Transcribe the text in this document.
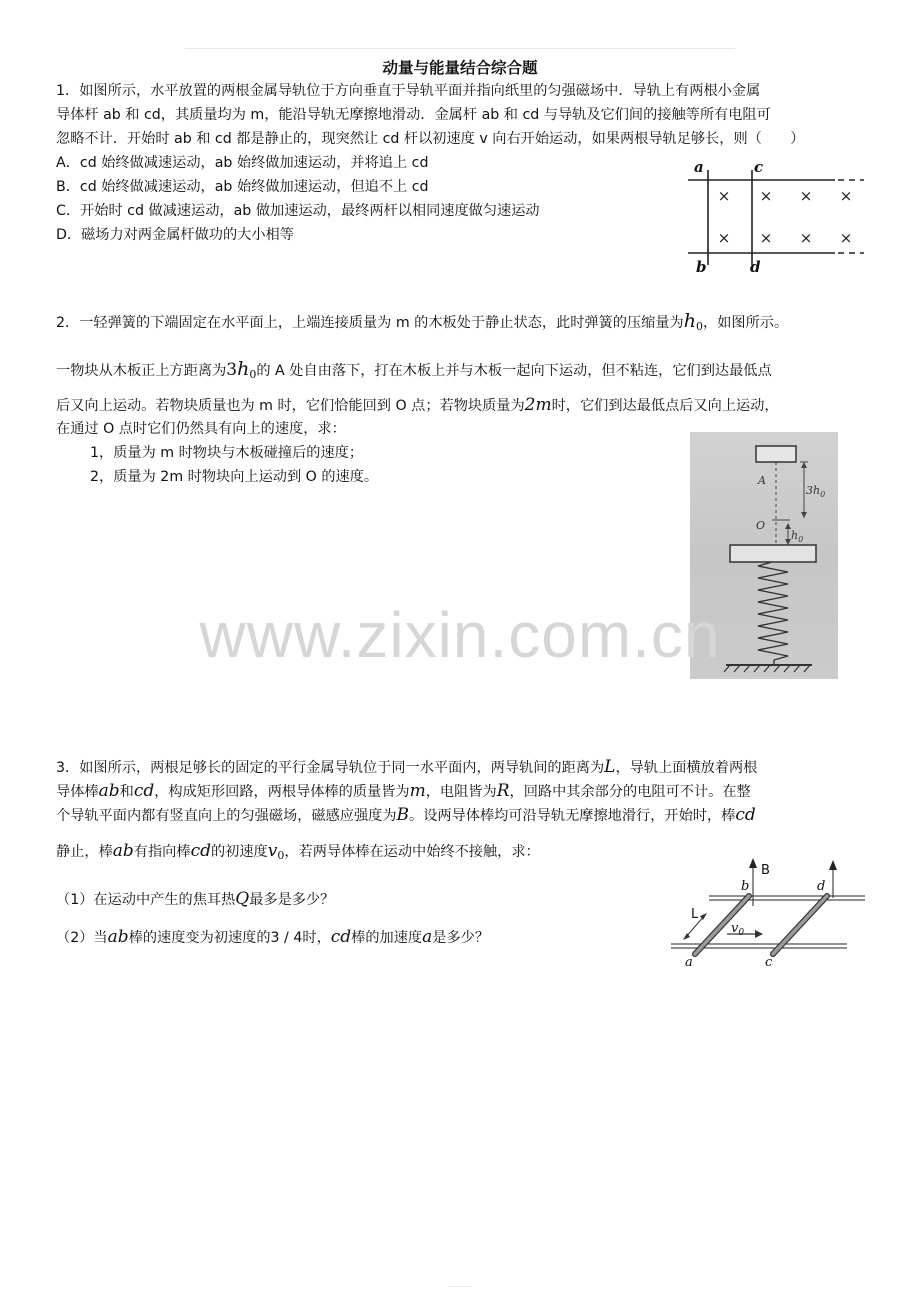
动量与能量结合综合题
1．如图所示，水平放置的两根金属导轨位于方向垂直于导轨平面并指向纸里的匀强磁场中．导轨上有两根小金属
导体杆 ab 和 cd，其质量均为 m，能沿导轨无摩擦地滑动．金属杆 ab 和 cd 与导轨及它们间的接触等所有电阻可
忽略不计．开始时 ab 和 cd 都是静止的，现突然让 cd 杆以初速度 v 向右开始运动，如果两根导轨足够长，则（　　）
A．cd 始终做减速运动，ab 始终做加速运动，并将追上 cd
B．cd 始终做减速运动，ab 始终做加速运动，但追不上 cd
C．开始时 cd 做减速运动，ab 做加速运动，最终两杆以相同速度做匀速运动
D．磁场力对两金属杆做功的大小相等
a	c
b	d
× × × ×
× × × ×
2．一轻弹簧的下端固定在水平面上，上端连接质量为 m 的木板处于静止状态，此时弹簧的压缩量为$h_0$，如图所示。
一物块从木板正上方距离为$3h_0$的 A 处自由落下，打在木板上并与木板一起向下运动，但不粘连，它们到达最低点
后又向上运动。若物块质量也为 m 时，它们恰能回到 O 点；若物块质量为2m时，它们到达最低点后又向上运动，
在通过 O 点时它们仍然具有向上的速度，求：
1，质量为 m 时物块与木板碰撞后的速度；
2，质量为 2m 时物块向上运动到 O 的速度。	A
O
$3h_0$
$h_0$
www.zixin.com.cn
3．如图所示，两根足够长的固定的平行金属导轨位于同一水平面内，两导轨间的距离为L，导轨上面横放着两根
导体棒ab和cd，构成矩形回路，两根导体棒的质量皆为m，电阻皆为R，回路中其余部分的电阻可不计。在整
个导轨平面内都有竖直向上的匀强磁场，磁感应强度为B。设两导体棒均可沿导轨无摩擦地滑行，开始时，棒cd
静止，棒ab有指向棒cd的初速度$v_0$，若两导体棒在运动中始终不接触，求：
（1）在运动中产生的焦耳热Q最多是多少？
（2）当ab棒的速度变为初速度的3 / 4时，cd棒的加速度a是多少？
B
L
$v_0$
b	d
a	c
